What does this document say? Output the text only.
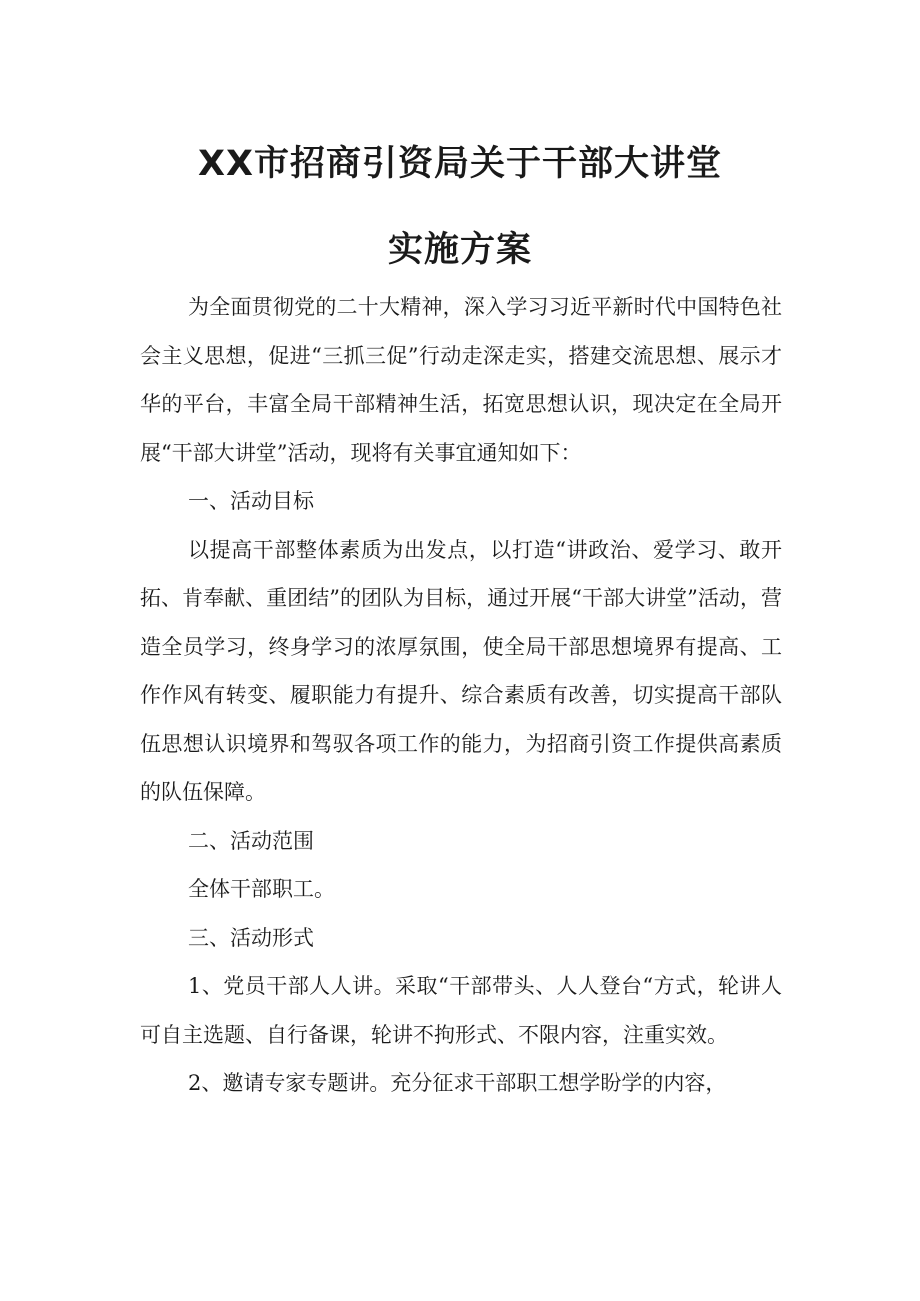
XX市招商引资局关于干部大讲堂
实施方案

为全面贯彻党的二十大精神，深入学习习近平新时代中国特色社会主义思想，促进“三抓三促”行动走深走实，搭建交流思想、展示才华的平台，丰富全局干部精神生活，拓宽思想认识，现决定在全局开展“干部大讲堂”活动，现将有关事宜通知如下：

一、活动目标

以提高干部整体素质为出发点，以打造“讲政治、爱学习、敢开拓、肯奉献、重团结”的团队为目标，通过开展“干部大讲堂”活动，营造全员学习，终身学习的浓厚氛围，使全局干部思想境界有提高、工作作风有转变、履职能力有提升、综合素质有改善，切实提高干部队伍思想认识境界和驾驭各项工作的能力，为招商引资工作提供高素质的队伍保障。

二、活动范围

全体干部职工。

三、活动形式

1、党员干部人人讲。采取“干部带头、人人登台“方式，轮讲人可自主选题、自行备课，轮讲不拘形式、不限内容，注重实效。

2、邀请专家专题讲。充分征求干部职工想学盼学的内容，
